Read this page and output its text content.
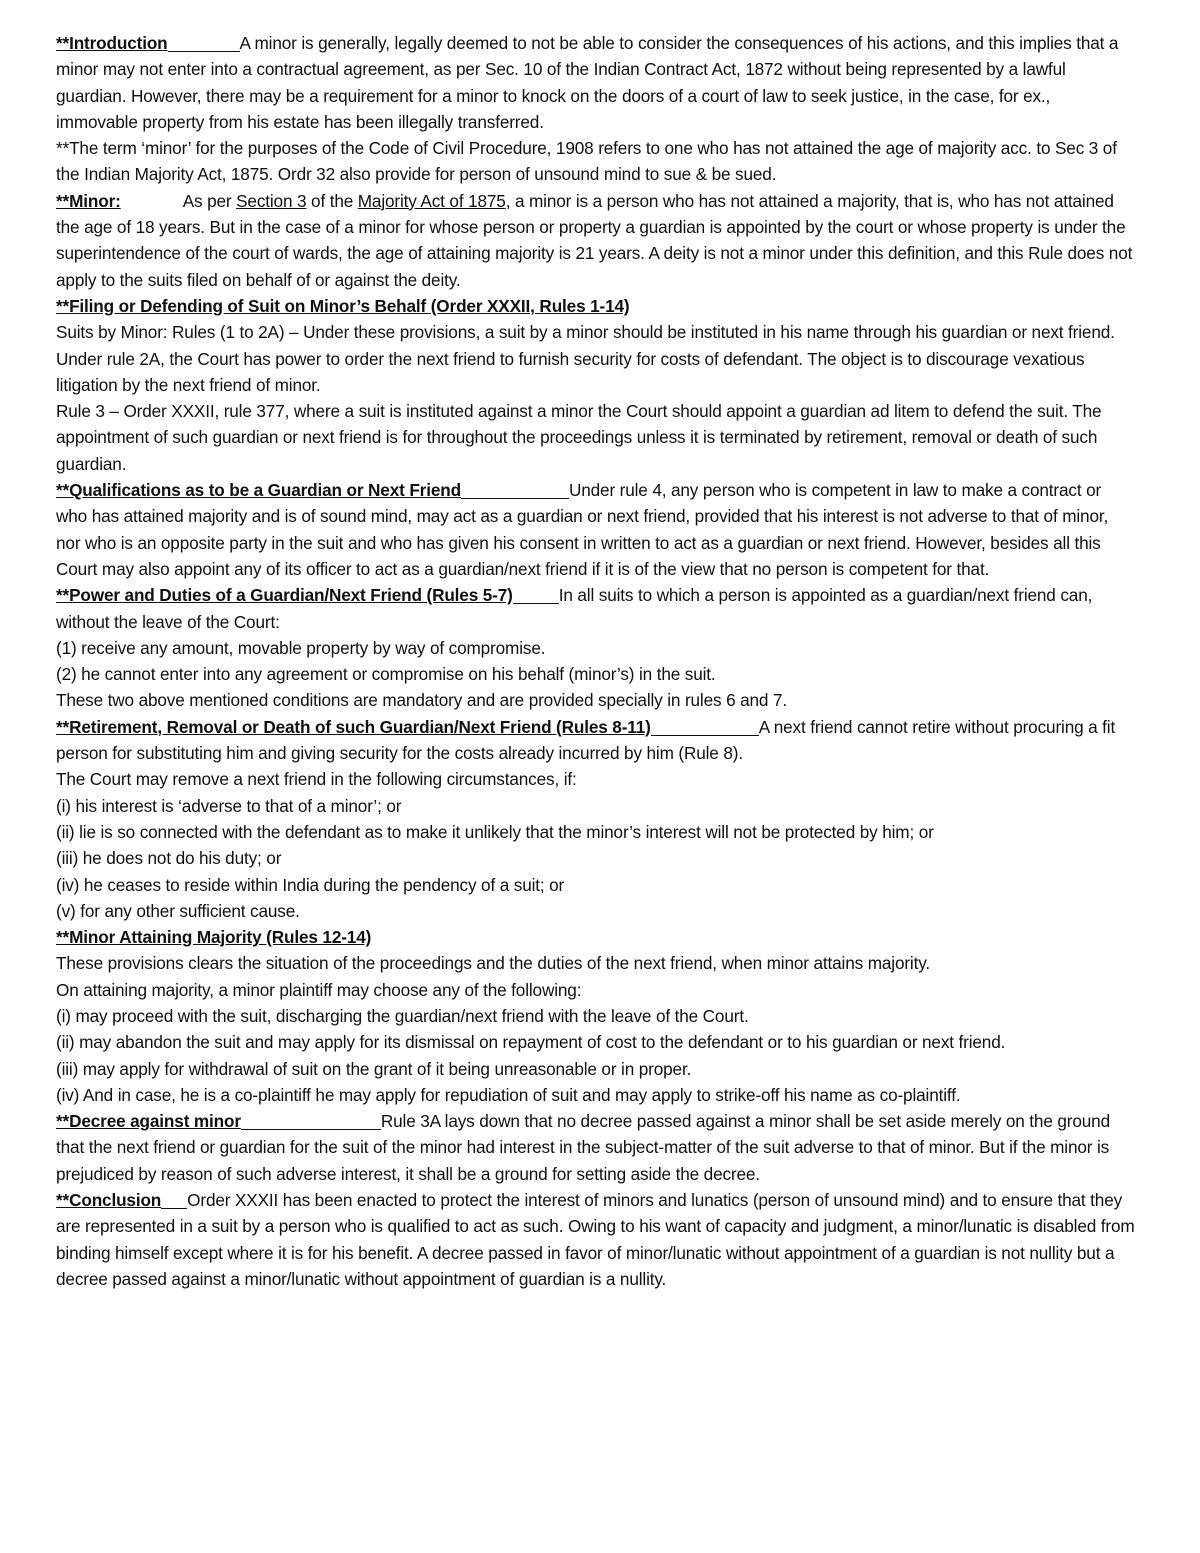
**Introduction	A minor is generally, legally deemed to not be able to consider the consequences of his actions, and this implies that a minor may not enter into a contractual agreement, as per Sec. 10 of the Indian Contract Act, 1872 without being represented by a lawful guardian. However, there may be a requirement for a minor to knock on the doors of a court of law to seek justice, in the case, for ex., immovable property from his estate has been illegally transferred.

**The term ‘minor’ for the purposes of the Code of Civil Procedure, 1908 refers to one who has not attained the age of majority acc. to Sec 3 of the Indian Majority Act, 1875. Ordr 32 also provide for person of unsound mind to sue & be sued.

**Minor:	As per Section 3 of the Majority Act of 1875, a minor is a person who has not attained a majority, that is, who has not attained the age of 18 years. But in the case of a minor for whose person or property a guardian is appointed by the court or whose property is under the superintendence of the court of wards, the age of attaining majority is 21 years. A deity is not a minor under this definition, and this Rule does not apply to the suits filed on behalf of or against the deity.

**Filing or Defending of Suit on Minor’s Behalf (Order XXXII, Rules 1-14)

Suits by Minor: Rules (1 to 2A) – Under these provisions, a suit by a minor should be instituted in his name through his guardian or next friend. Under rule 2A, the Court has power to order the next friend to furnish security for costs of defendant. The object is to discourage vexatious litigation by the next friend of minor.

Rule 3 – Order XXXII, rule 377, where a suit is instituted against a minor the Court should appoint a guardian ad litem to defend the suit. The appointment of such guardian or next friend is for throughout the proceedings unless it is terminated by retirement, removal or death of such guardian.

**Qualifications as to be a Guardian or Next Friend	Under rule 4, any person who is competent in law to make a contract or who has attained majority and is of sound mind, may act as a guardian or next friend, provided that his interest is not adverse to that of minor, nor who is an opposite party in the suit and who has given his consent in written to act as a guardian or next friend. However, besides all this Court may also appoint any of its officer to act as a guardian/next friend if it is of the view that no person is competent for that.

**Power and Duties of a Guardian/Next Friend (Rules 5-7)	In all suits to which a person is appointed as a guardian/next friend can, without the leave of the Court:

(1) receive any amount, movable property by way of compromise.

(2) he cannot enter into any agreement or compromise on his behalf (minor’s) in the suit.

These two above mentioned conditions are mandatory and are provided specially in rules 6 and 7.

**Retirement, Removal or Death of such Guardian/Next Friend (Rules 8-11)	A next friend cannot retire without procuring a fit person for substituting him and giving security for the costs already incurred by him (Rule 8).

The Court may remove a next friend in the following circumstances, if:

(i) his interest is ‘adverse to that of a minor’; or

(ii) lie is so connected with the defendant as to make it unlikely that the minor’s interest will not be protected by him; or

(iii) he does not do his duty; or

(iv) he ceases to reside within India during the pendency of a suit; or

(v) for any other sufficient cause.

**Minor Attaining Majority (Rules 12-14)

These provisions clears the situation of the proceedings and the duties of the next friend, when minor attains majority.

On attaining majority, a minor plaintiff may choose any of the following:

(i) may proceed with the suit, discharging the guardian/next friend with the leave of the Court.

(ii) may abandon the suit and may apply for its dismissal on repayment of cost to the defendant or to his guardian or next friend.

(iii) may apply for withdrawal of suit on the grant of it being unreasonable or in proper.

(iv) And in case, he is a co-plaintiff he may apply for repudiation of suit and may apply to strike-off his name as co-plaintiff.

**Decree against minor	Rule 3A lays down that no decree passed against a minor shall be set aside merely on the ground that the next friend or guardian for the suit of the minor had interest in the subject-matter of the suit adverse to that of minor. But if the minor is prejudiced by reason of such adverse interest, it shall be a ground for setting aside the decree.

**Conclusion Order XXXII has been enacted to protect the interest of minors and lunatics (person of unsound mind) and to ensure that they are represented in a suit by a person who is qualified to act as such. Owing to his want of capacity and judgment, a minor/lunatic is disabled from binding himself except where it is for his benefit. A decree passed in favor of minor/lunatic without appointment of a guardian is not nullity but a decree passed against a minor/lunatic without appointment of guardian is a nullity.
